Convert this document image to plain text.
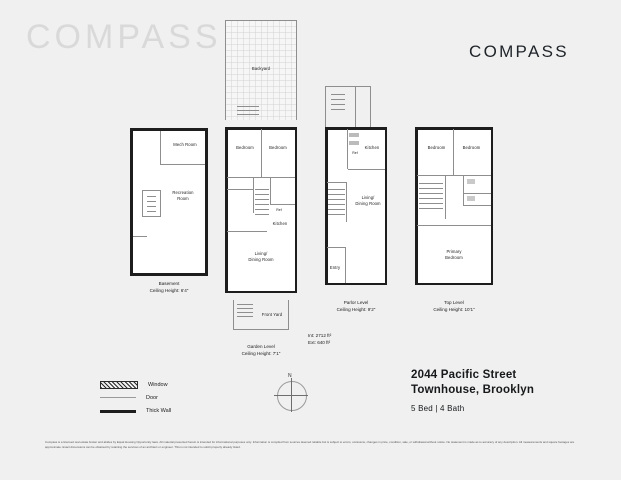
COMPASS	COMPASS
Mech Room
Recreation Room
Basement
Ceiling Height: 6'4"
Backyard
Bedroom	Bedroom
Ref
Kitchen
Living/
Dining Room
Front Yard
Garden Level
Ceiling Height: 7'1"
Ref
Kitchen
Living/
Dining Room
Entry
Parlor Level
Ceiling Height: 9'2"
Int: 2712 ft²
Ext: 640 ft²
Bedroom	Bedroom
Primary
Bedroom
Top Level
Ceiling Height: 10'1"
Window
Door
Thick Wall
N	2044 Pacific Street
Townhouse, Brooklyn
5 Bed | 4 Bath
Compass is a licensed real estate broker and abides by Equal Housing Opportunity laws. All material presented herein is intended for informational purposes only. Information is compiled from sources deemed reliable but is subject to errors, omissions, changes in price, condition, sale, or withdrawal without notice. No statement is made as to accuracy of any description. All measurements and square footages are approximate. Exact dimensions can be obtained by retaining the services of an architect or engineer. This is not intended to solicit property already listed.
